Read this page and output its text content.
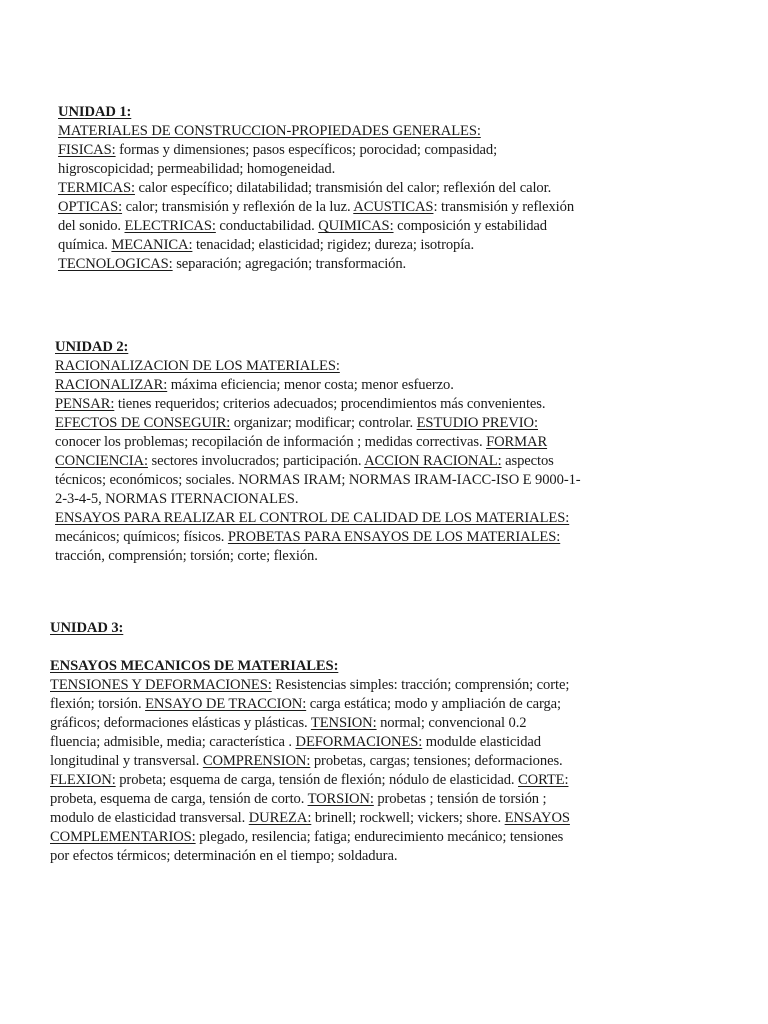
UNIDAD 1:
MATERIALES DE CONSTRUCCION-PROPIEDADES GENERALES:
FISICAS: formas y dimensiones; pasos específicos; porocidad; compasidad;
higroscopicidad; permeabilidad; homogeneidad.
TERMICAS: calor específico; dilatabilidad; transmisión del calor; reflexión del calor.
OPTICAS: calor; transmisión y reflexión de la luz. ACUSTICAS: transmisión y reflexión
del sonido. ELECTRICAS: conductabilidad. QUIMICAS: composición y estabilidad
química. MECANICA: tenacidad; elasticidad; rigidez; dureza; isotropía.
TECNOLOGICAS: separación; agregación; transformación.
UNIDAD 2:
RACIONALIZACION DE LOS MATERIALES:
RACIONALIZAR: máxima eficiencia; menor costa; menor esfuerzo.
PENSAR: tienes requeridos; criterios adecuados; procendimientos más convenientes.
EFECTOS DE CONSEGUIR: organizar; modificar; controlar. ESTUDIO PREVIO:
conocer los problemas; recopilación de información ; medidas correctivas. FORMAR
CONCIENCIA: sectores involucrados; participación. ACCION RACIONAL: aspectos
técnicos; económicos; sociales. NORMAS IRAM; NORMAS IRAM-IACC-ISO E 9000-1-
2-3-4-5, NORMAS ITERNACIONALES.
ENSAYOS PARA REALIZAR EL CONTROL DE CALIDAD DE LOS MATERIALES:
mecánicos; químicos; físicos. PROBETAS PARA ENSAYOS DE LOS MATERIALES:
tracción, comprensión; torsión; corte; flexión.
UNIDAD 3:
ENSAYOS MECANICOS DE MATERIALES:
TENSIONES Y DEFORMACIONES: Resistencias simples: tracción; comprensión; corte;
flexión; torsión. ENSAYO DE TRACCION: carga estática; modo y ampliación de carga;
gráficos; deformaciones elásticas y plásticas. TENSION: normal; convencional 0.2
fluencia; admisible, media; característica . DEFORMACIONES: modulde elasticidad
longitudinal y transversal. COMPRENSION: probetas, cargas; tensiones; deformaciones.
FLEXION: probeta; esquema de carga, tensión de flexión; nódulo de elasticidad. CORTE:
probeta, esquema de carga, tensión de corto. TORSION: probetas ; tensión de torsión ;
modulo de elasticidad transversal. DUREZA: brinell; rockwell; vickers; shore. ENSAYOS
COMPLEMENTARIOS: plegado, resilencia; fatiga; endurecimiento mecánico; tensiones
por efectos térmicos; determinación en el tiempo; soldadura.
